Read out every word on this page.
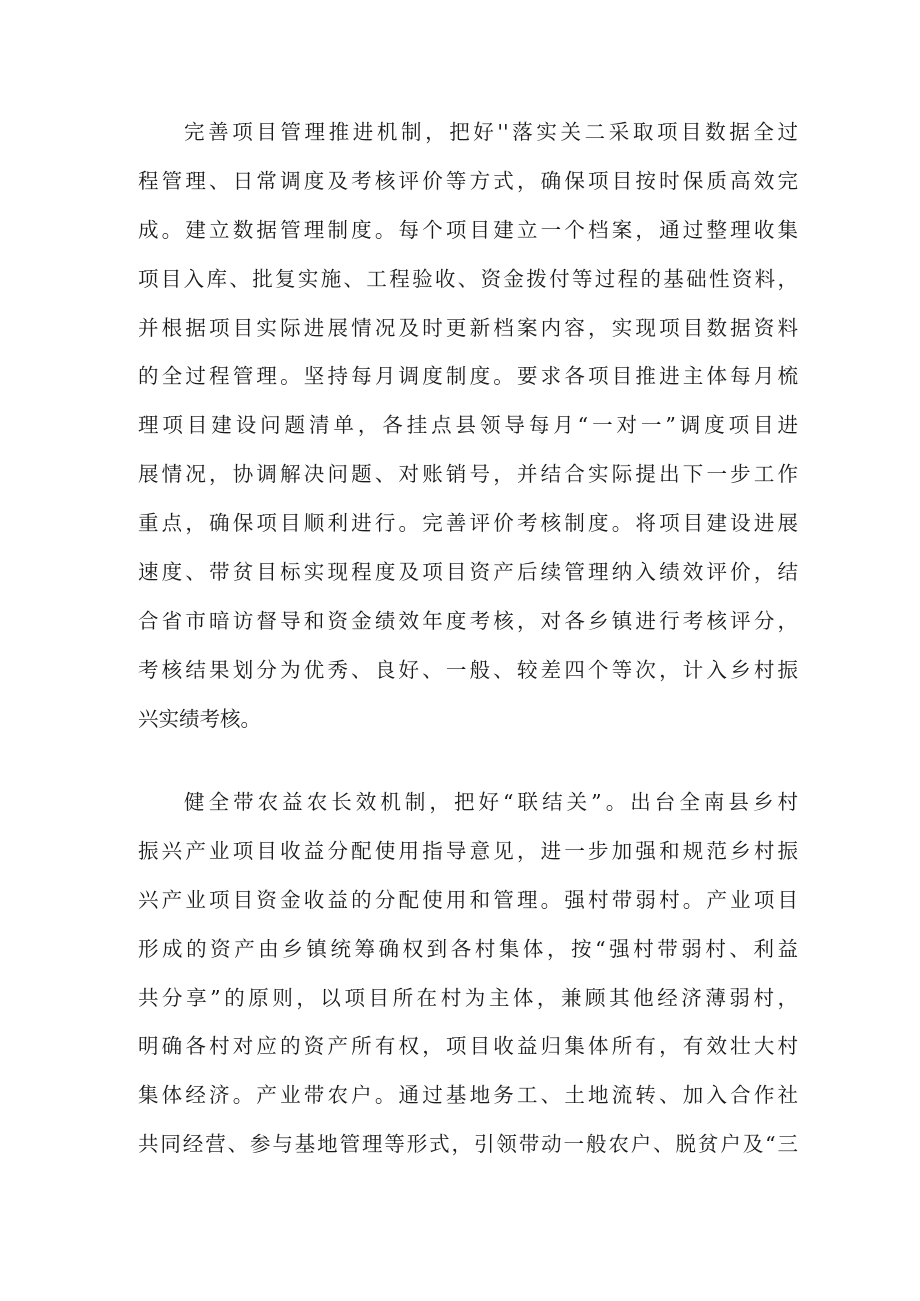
完善项目管理推进机制，把好''落实关二采取项目数据全过
程管理、日常调度及考核评价等方式，确保项目按时保质高效完
成。建立数据管理制度。每个项目建立一个档案，通过整理收集
项目入库、批复实施、工程验收、资金拨付等过程的基础性资料，
并根据项目实际进展情况及时更新档案内容，实现项目数据资料
的全过程管理。坚持每月调度制度。要求各项目推进主体每月梳
理项目建设问题清单，各挂点县领导每月“一对一”调度项目进
展情况，协调解决问题、对账销号，并结合实际提出下一步工作
重点，确保项目顺利进行。完善评价考核制度。将项目建设进展
速度、带贫目标实现程度及项目资产后续管理纳入绩效评价，结
合省市暗访督导和资金绩效年度考核，对各乡镇进行考核评分，
考核结果划分为优秀、良好、一般、较差四个等次，计入乡村振
兴实绩考核。
健全带农益农长效机制，把好“联结关”。出台全南县乡村
振兴产业项目收益分配使用指导意见，进一步加强和规范乡村振
兴产业项目资金收益的分配使用和管理。强村带弱村。产业项目
形成的资产由乡镇统筹确权到各村集体，按“强村带弱村、利益
共分享”的原则，以项目所在村为主体，兼顾其他经济薄弱村，
明确各村对应的资产所有权，项目收益归集体所有，有效壮大村
集体经济。产业带农户。通过基地务工、土地流转、加入合作社
共同经营、参与基地管理等形式，引领带动一般农户、脱贫户及“三
